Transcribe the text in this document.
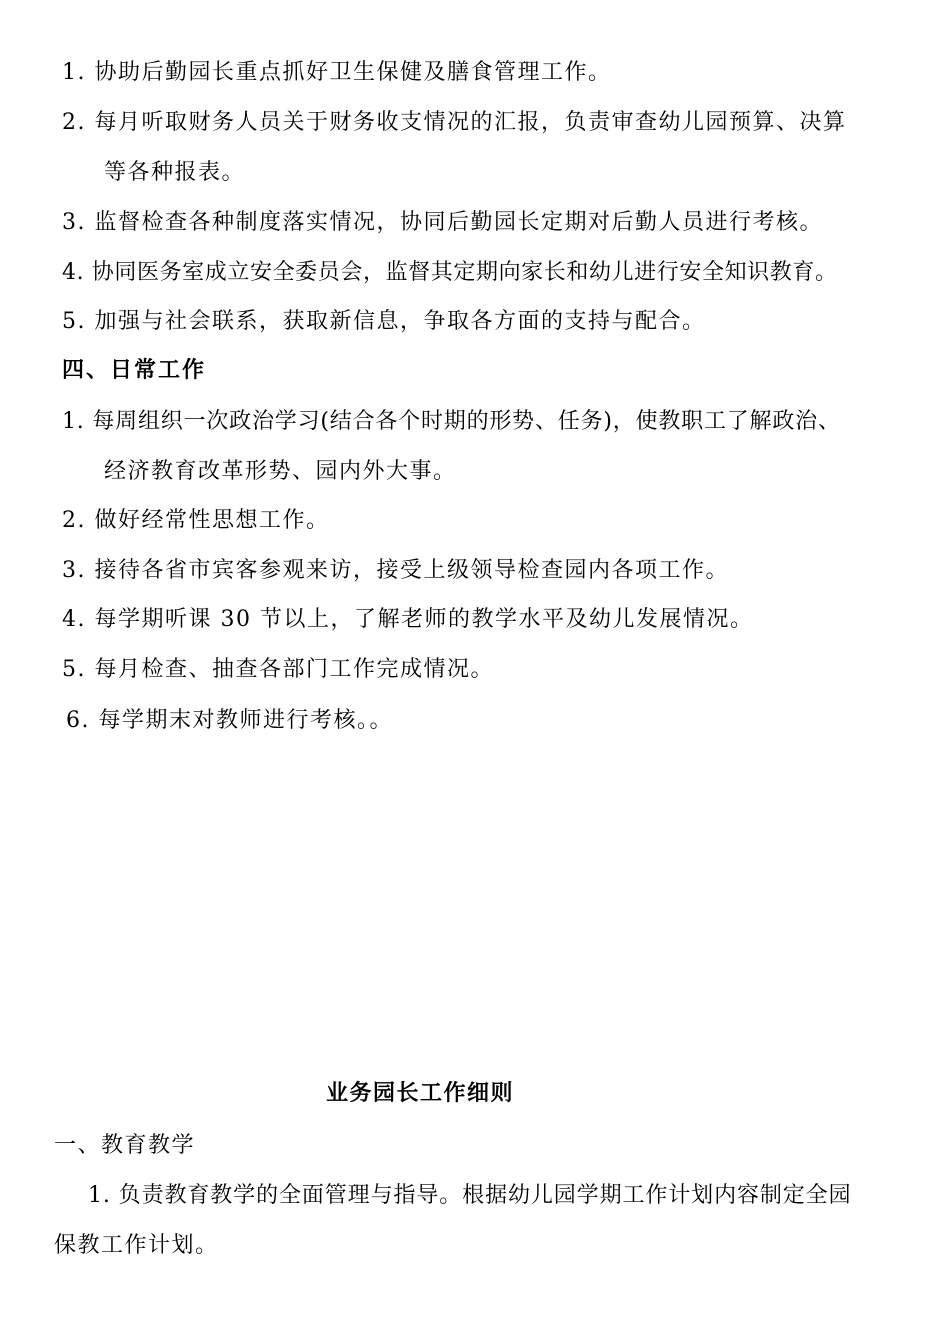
1. 协助后勤园长重点抓好卫生保健及膳食管理工作。
2. 每月听取财务人员关于财务收支情况的汇报，负责审查幼儿园预算、决算
等各种报表。
3. 监督检查各种制度落实情况，协同后勤园长定期对后勤人员进行考核。
4. 协同医务室成立安全委员会，监督其定期向家长和幼儿进行安全知识教育。
5. 加强与社会联系，获取新信息，争取各方面的支持与配合。
四、日常工作
1. 每周组织一次政治学习(结合各个时期的形势、任务)，使教职工了解政治、
经济教育改革形势、园内外大事。
2. 做好经常性思想工作。
3. 接待各省市宾客参观来访，接受上级领导检查园内各项工作。
4. 每学期听课 30 节以上，了解老师的教学水平及幼儿发展情况。
5. 每月检查、抽查各部门工作完成情况。
6. 每学期末对教师进行考核。。
业务园长工作细则
一、教育教学
1. 负责教育教学的全面管理与指导。根据幼儿园学期工作计划内容制定全园
保教工作计划。
